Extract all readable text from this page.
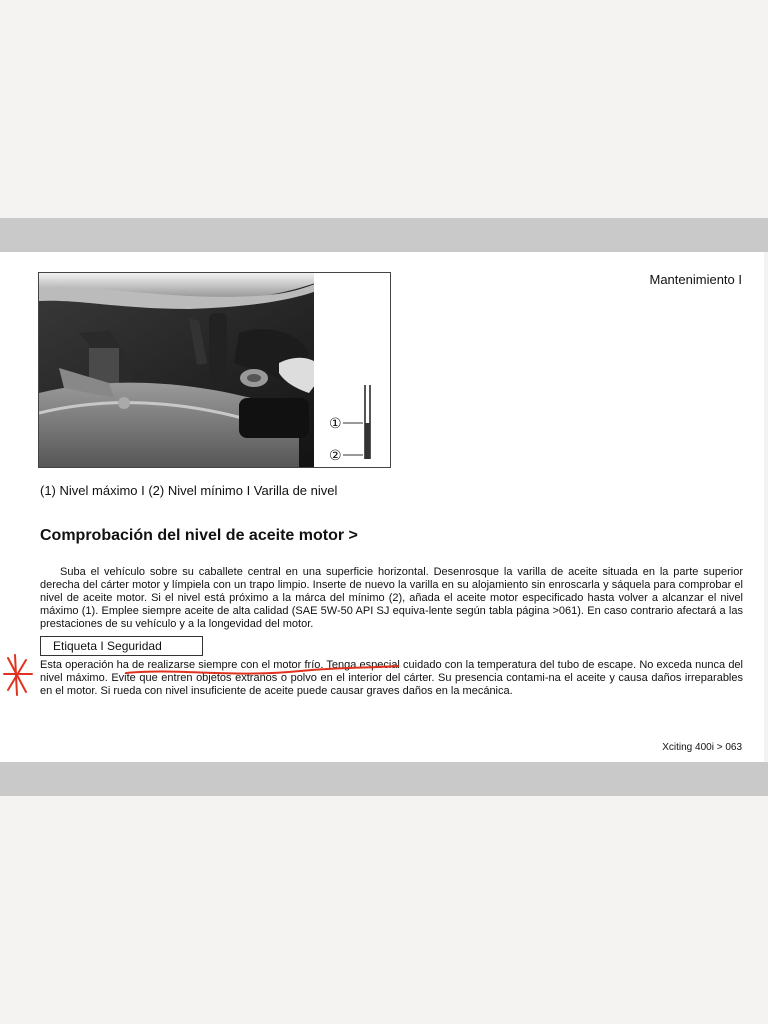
Mantenimiento I
①
②
(1) Nivel máximo I (2) Nivel mínimo I Varilla de nivel
Comprobación del nivel de aceite motor >
Suba el vehículo sobre su caballete central en una superficie horizontal. Desenrosque la varilla de aceite situada en la parte superior derecha del cárter motor y límpiela con un trapo limpio. Inserte de nuevo la varilla en su alojamiento sin enroscarla y sáquela para comprobar el nivel de aceite motor. Si el nivel está próximo a la márca del mínimo (2), añada el aceite motor especificado hasta volver a alcanzar el nivel máximo (1). Emplee siempre aceite de alta calidad (SAE 5W-50 API SJ equiva-lente según tabla página >061). En caso contrario afectará a las prestaciones de su vehículo y a la longevidad del motor.
Etiqueta I Seguridad
Esta operación ha de realizarse siempre con el motor frío. Tenga especial cuidado con la temperatura del tubo de escape. No exceda nunca del nivel máximo. Evite que entren objetos extraños o polvo en el interior del cárter. Su presencia contami-na el aceite y causa daños irreparables en el motor. Si rueda con nivel insuficiente de aceite puede causar graves daños en la mecánica.
Xciting 400i > 063
